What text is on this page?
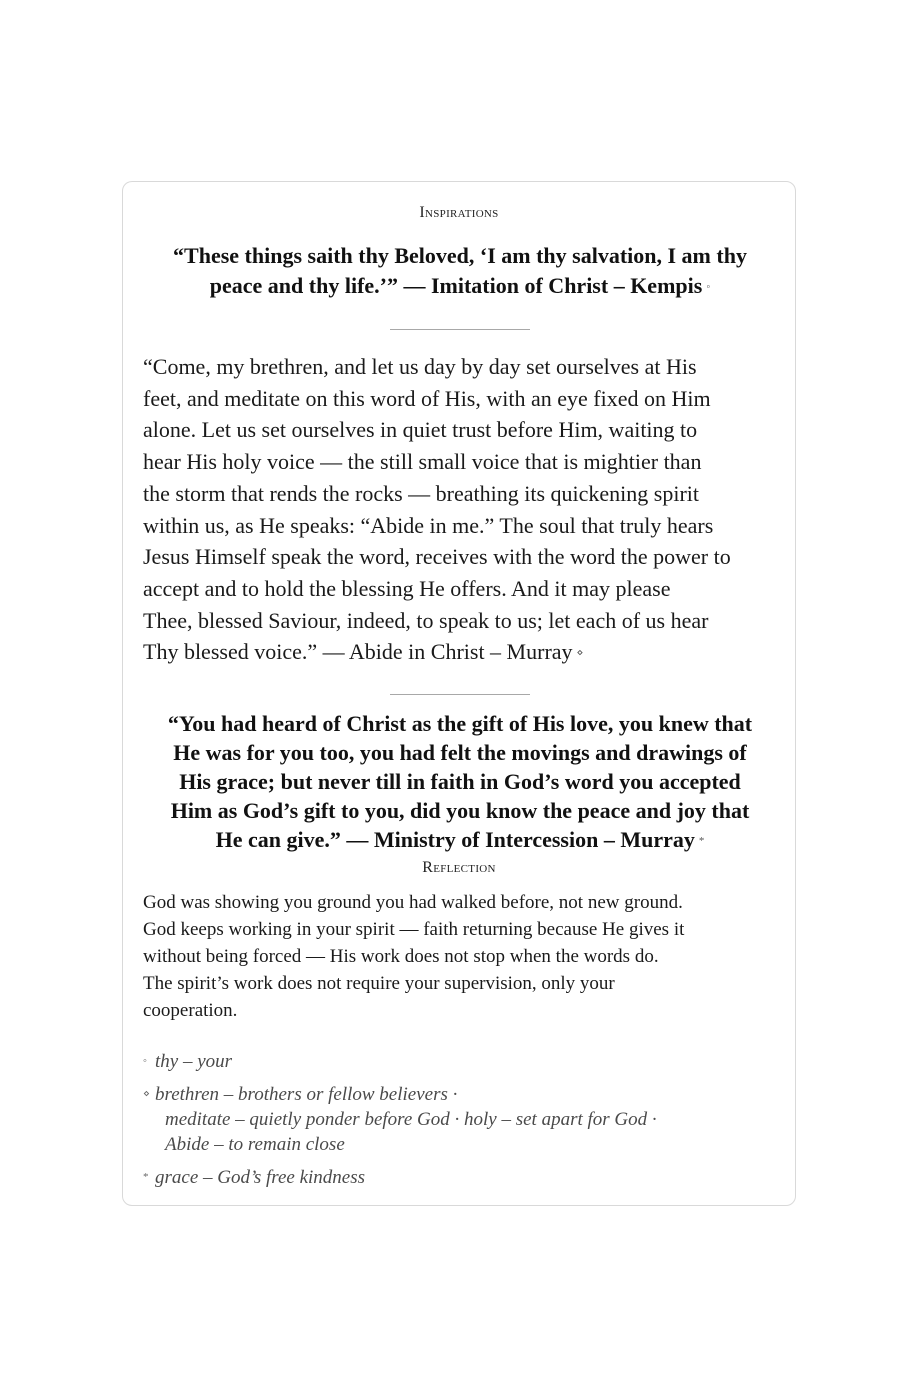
Inspirations
“These things saith thy Beloved, ‘I am thy salvation, I am thy
peace and thy life.’” — Imitation of Christ – Kempis ◦
“Come, my brethren, and let us day by day set ourselves at His
feet, and meditate on this word of His, with an eye fixed on Him
alone. Let us set ourselves in quiet trust before Him, waiting to
hear His holy voice — the still small voice that is mightier than
the storm that rends the rocks — breathing its quickening spirit
within us, as He speaks: “Abide in me.” The soul that truly hears
Jesus Himself speak the word, receives with the word the power to
accept and to hold the blessing He offers. And it may please
Thee, blessed Saviour, indeed, to speak to us; let each of us hear
Thy blessed voice.” — Abide in Christ – Murray ⋄
“You had heard of Christ as the gift of His love, you knew that
He was for you too, you had felt the movings and drawings of
His grace; but never till in faith in God’s word you accepted
Him as God’s gift to you, did you know the peace and joy that
He can give.” — Ministry of Intercession – Murray *
Reflection
God was showing you ground you had walked before, not new ground.
God keeps working in your spirit — faith returning because He gives it
without being forced — His work does not stop when the words do.
The spirit’s work does not require your supervision, only your
cooperation.
◦ thy – your
⋄ brethren – brothers or fellow believers ·
meditate – quietly ponder before God · holy – set apart for God ·
Abide – to remain close
* grace – God’s free kindness
